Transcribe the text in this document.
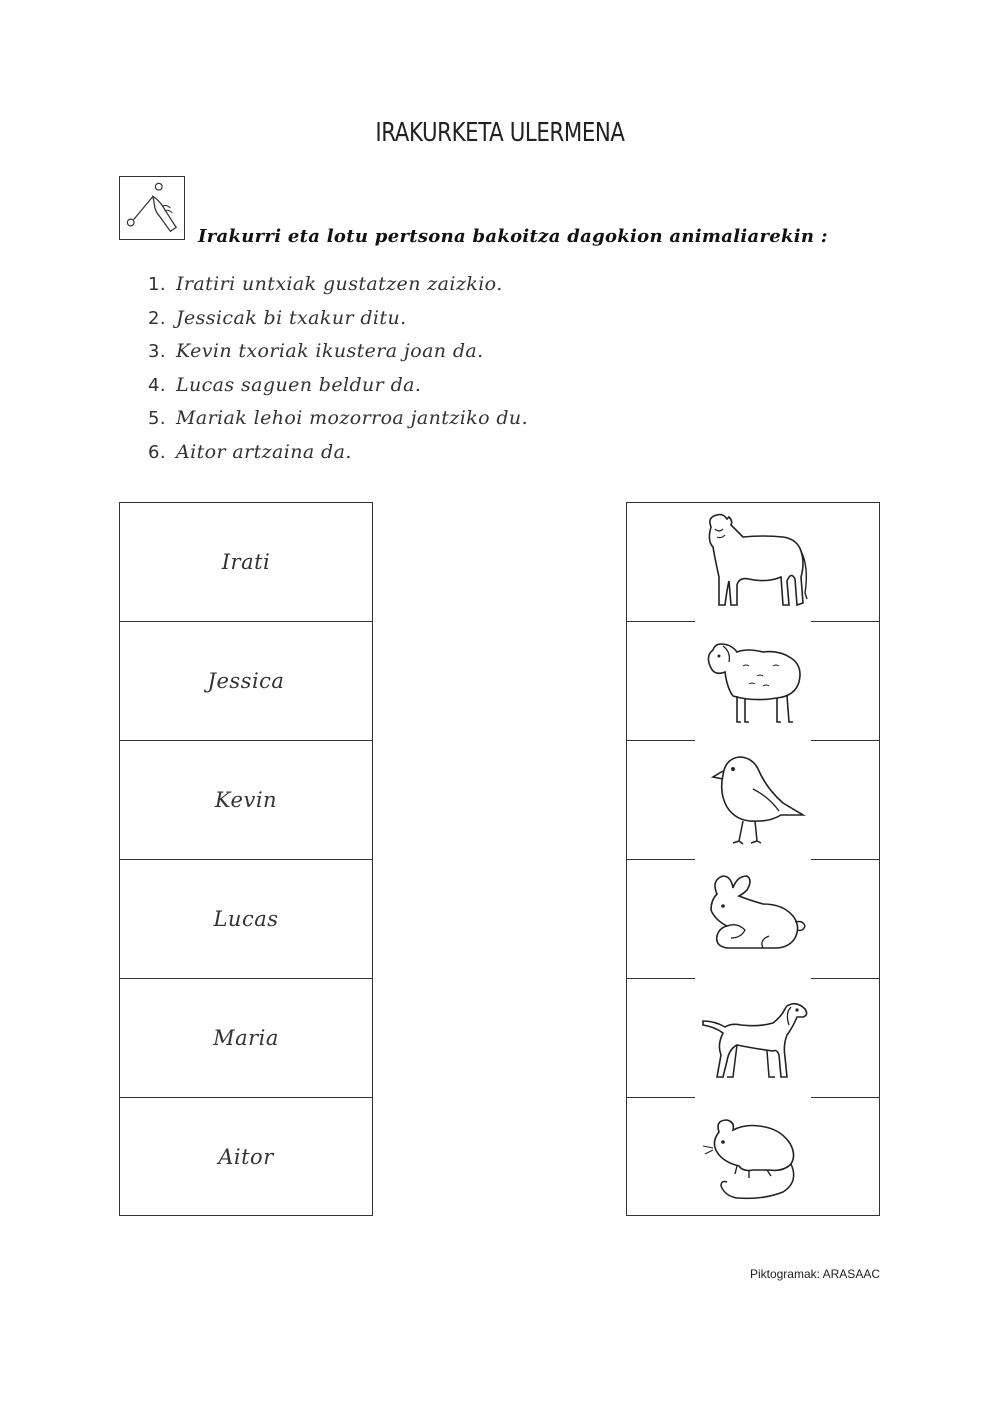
IRAKURKETA ULERMENA
Irakurri eta lotu pertsona bakoitza dagokion animaliarekin :
1. Iratiri untxiak gustatzen zaizkio.
2. Jessicak bi txakur ditu.
3. Kevin txoriak ikustera joan da.
4. Lucas saguen beldur da.
5. Mariak lehoi mozorroa jantziko du.
6. Aitor artzaina da.
Irati
Jessica
Kevin
Lucas
Maria
Aitor
Piktogramak: ARASAAC
